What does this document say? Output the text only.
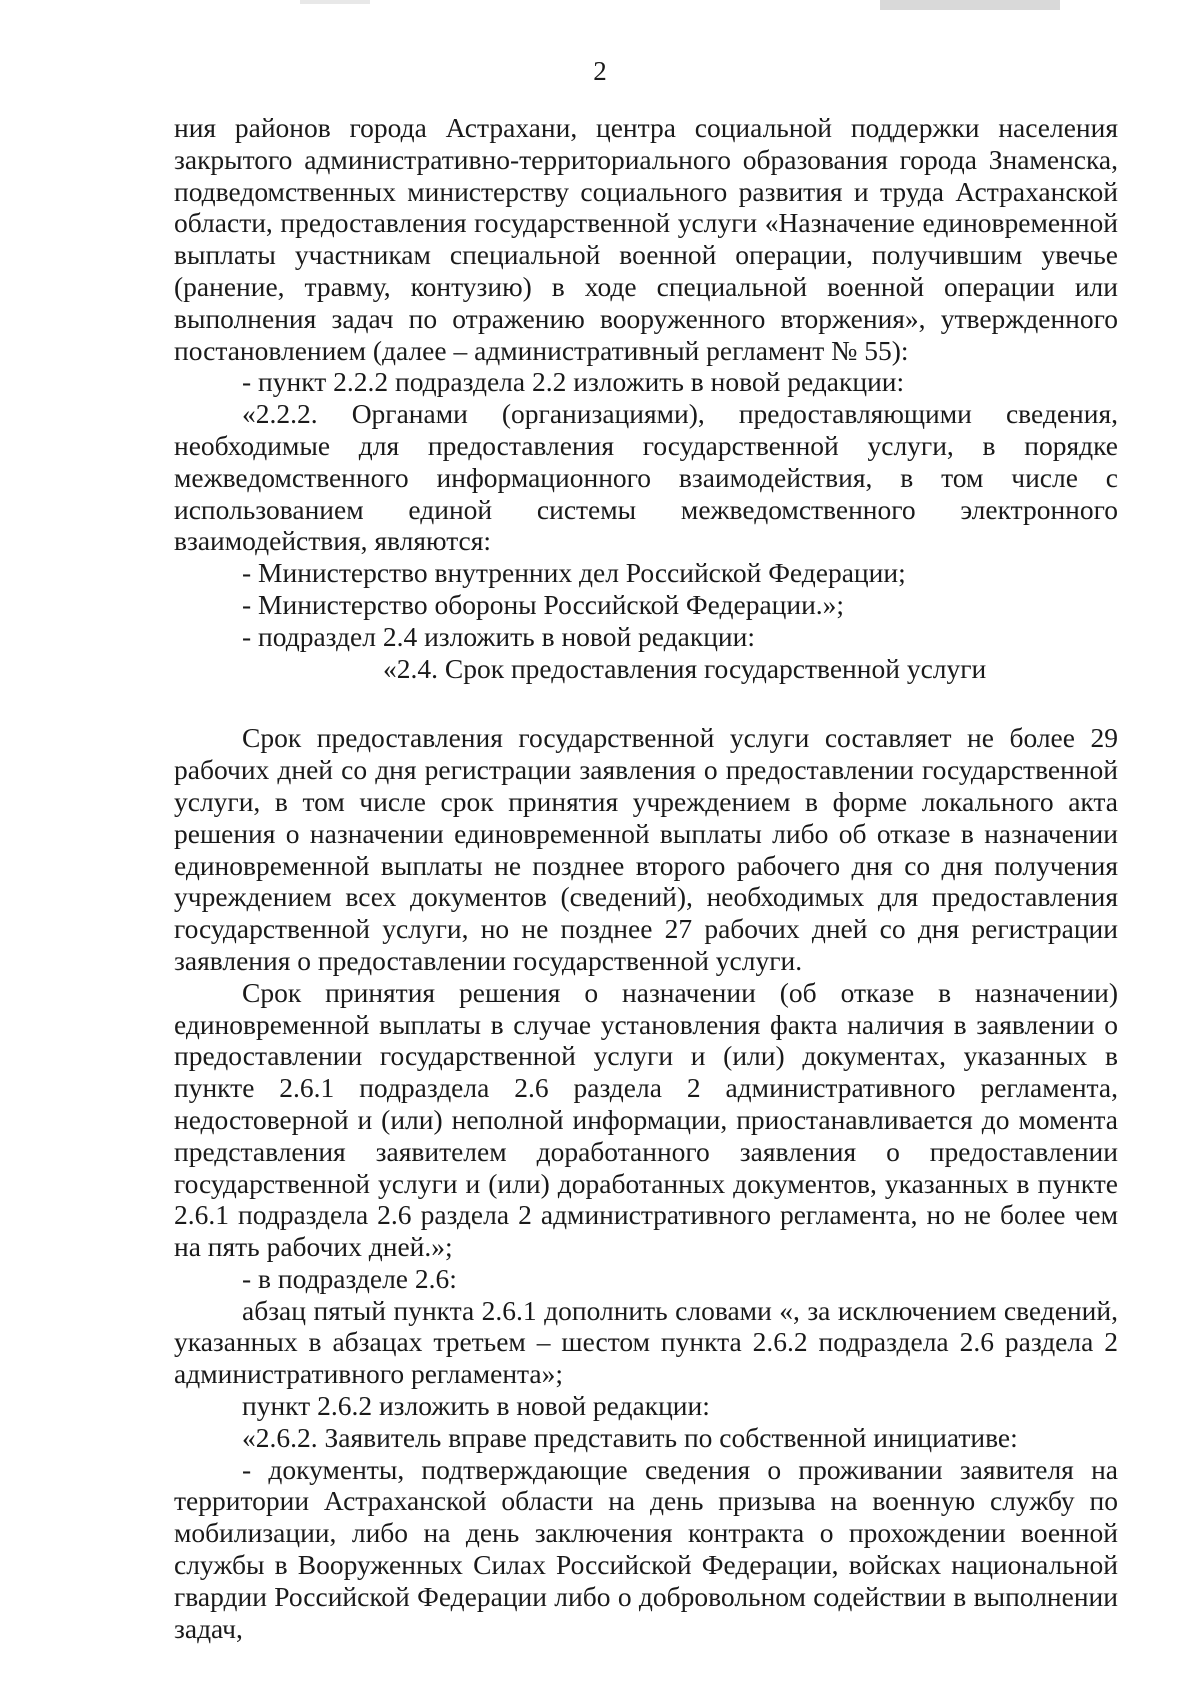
2

ния районов города Астрахани, центра социальной поддержки населения закрытого административно-территориального образования города Знаменска, подведомственных министерству социального развития и труда Астраханской области, предоставления государственной услуги «Назначение единовременной выплаты участникам специальной военной операции, получившим увечье (ранение, травму, контузию) в ходе специальной военной операции или выполнения задач по отражению вооруженного вторжения», утвержденного постановлением (далее – административный регламент № 55):

- пункт 2.2.2 подраздела 2.2 изложить в новой редакции:

«2.2.2. Органами (организациями), предоставляющими сведения, необходимые для предоставления государственной услуги, в порядке межведомственного информационного взаимодействия, в том числе с использованием единой системы межведомственного электронного взаимодействия, являются:

- Министерство внутренних дел Российской Федерации;

- Министерство обороны Российской Федерации.»;

- подраздел 2.4 изложить в новой редакции:

«2.4. Срок предоставления государственной услуги

Срок предоставления государственной услуги составляет не более 29 рабочих дней со дня регистрации заявления о предоставлении государственной услуги, в том числе срок принятия учреждением в форме локального акта решения о назначении единовременной выплаты либо об отказе в назначении единовременной выплаты не позднее второго рабочего дня со дня получения учреждением всех документов (сведений), необходимых для предоставления государственной услуги, но не позднее 27 рабочих дней со дня регистрации заявления о предоставлении государственной услуги.

Срок принятия решения о назначении (об отказе в назначении) единовременной выплаты в случае установления факта наличия в заявлении о предоставлении государственной услуги и (или) документах, указанных в пункте 2.6.1 подраздела 2.6 раздела 2 административного регламента, недостоверной и (или) неполной информации, приостанавливается до момента представления заявителем доработанного заявления о предоставлении государственной услуги и (или) доработанных документов, указанных в пункте 2.6.1 подраздела 2.6 раздела 2 административного регламента, но не более чем на пять рабочих дней.»;

- в подразделе 2.6:

абзац пятый пункта 2.6.1 дополнить словами «, за исключением сведений, указанных в абзацах третьем – шестом пункта 2.6.2 подраздела 2.6 раздела 2 административного регламента»;

пункт 2.6.2 изложить в новой редакции:

«2.6.2. Заявитель вправе представить по собственной инициативе:

- документы, подтверждающие сведения о проживании заявителя на территории Астраханской области на день призыва на военную службу по мобилизации, либо на день заключения контракта о прохождении военной службы в Вооруженных Силах Российской Федерации, войсках национальной гвардии Российской Федерации либо о добровольном содействии в выполнении задач,
